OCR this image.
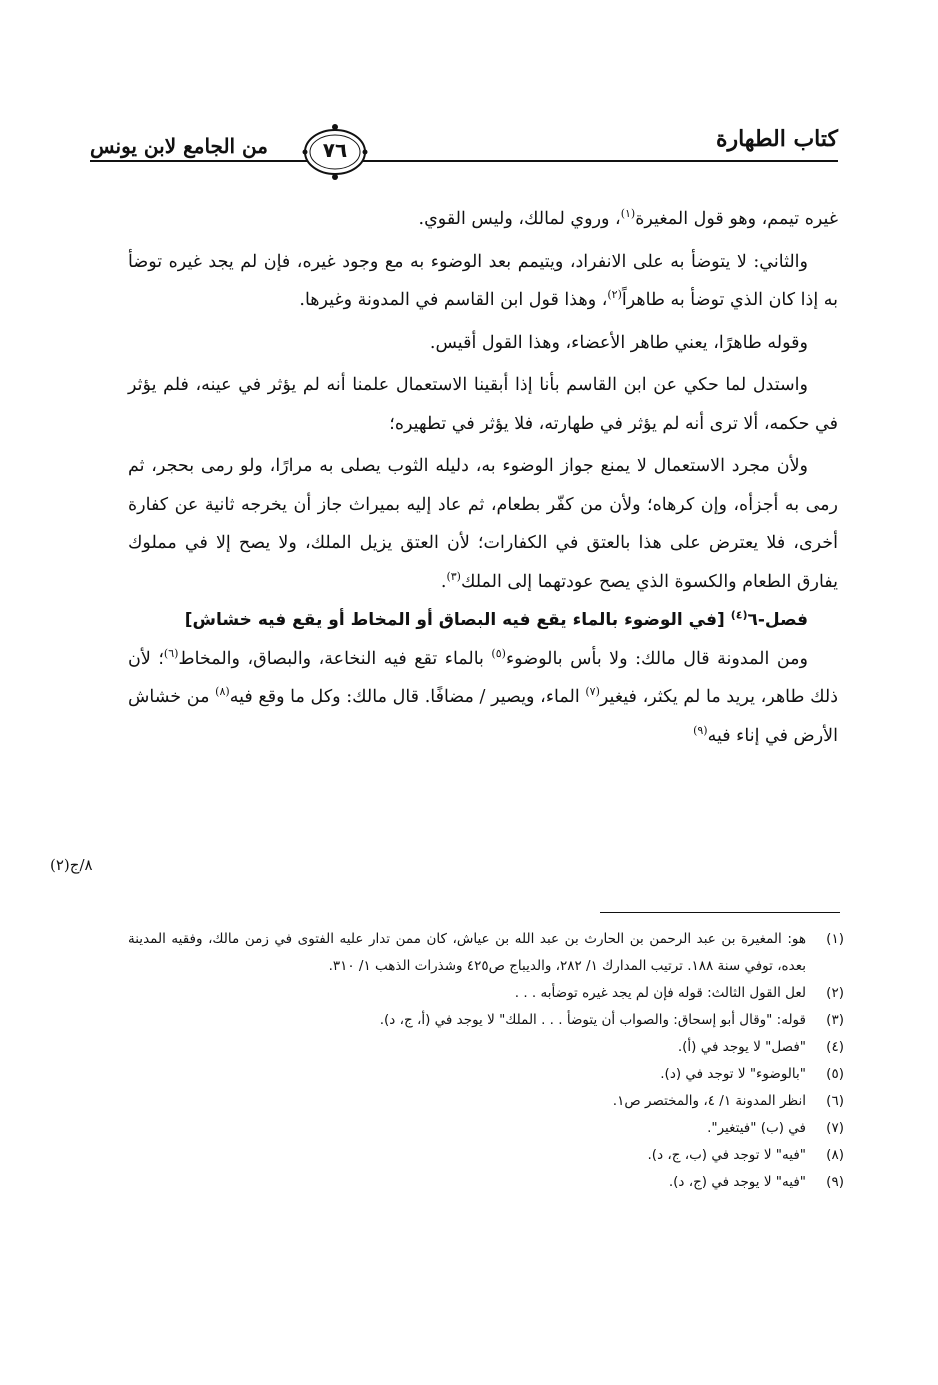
كتاب الطهارة
٧٦
من الجامع لابن يونس

غيره تيمم، وهو قول المغيرة$^{(١)}$، وروي لمالك، وليس القوي.

والثاني: لا يتوضأ به على الانفراد، ويتيمم بعد الوضوء به مع وجود غيره، فإن لم يجد غيره توضأ به إذا كان الذي توضأ به طاهراً$^{(٢)}$، وهذا قول ابن القاسم في المدونة وغيرها.

وقوله طاهرًا، يعني طاهر الأعضاء، وهذا القول أقيس.

واستدل لما حكي عن ابن القاسم بأنا إذا أبقينا الاستعمال علمنا أنه لم يؤثر في عينه، فلم يؤثر في حكمه، ألا ترى أنه لم يؤثر في طهارته، فلا يؤثر في تطهيره؛

ولأن مجرد الاستعمال لا يمنع جواز الوضوء به، دليله الثوب يصلى به مرارًا، ولو رمى بحجر، ثم رمى به أجزأه، وإن كرهاه؛ ولأن من كفّر بطعام، ثم عاد إليه بميراث جاز أن يخرجه ثانية عن كفارة أخرى، فلا يعترض على هذا بالعتق في الكفارات؛ لأن العتق يزيل الملك، ولا يصح إلا في مملوك يفارق الطعام والكسوة الذي يصح عودتهما إلى الملك$^{(٣)}$.

فصل-٦$^{(٤)}$ [في الوضوء بالماء يقع فيه البصاق أو المخاط أو يقع فيه خشاش]

ومن المدونة قال مالك: ولا بأس بالوضوء$^{(٥)}$ بالماء تقع فيه النخاعة، والبصاق، والمخاط$^{(٦)}$؛ لأن ذلك طاهر، يريد ما لم يكثر، فيغير$^{(٧)}$ الماء، ويصير / مضافًا. قال مالك: وكل ما وقع فيه$^{(٨)}$ من خشاش الأرض في إناء فيه$^{(٩)}$

٨/ج(٢)
(١)
هو: المغيرة بن عبد الرحمن بن الحارث بن عبد الله بن عياش، كان ممن تدار عليه الفتوى في زمن مالك، وفقيه المدينة بعده، توفي سنة ١٨٨. ترتيب المدارك ١/ ٢٨٢، والديباج ص٤٢٥ وشذرات الذهب ١/ ٣١٠.
(٢)
لعل القول الثالث: قوله فإن لم يجد غيره توضأبه . . .
(٣)
قوله: "وقال أبو إسحاق: والصواب أن يتوضأ . . . الملك" لا يوجد في (أ، ج، د).
(٤)
"فصل" لا يوجد في (أ).
(٥)
"بالوضوء" لا توجد في (د).
(٦)
انظر المدونة ١/ ٤، والمختصر ص١.
(٧)
في (ب) "فيتغير".
(٨)
"فيه" لا توجد في (ب، ج، د).
(٩)
"فيه" لا يوجد في (ج، د).
